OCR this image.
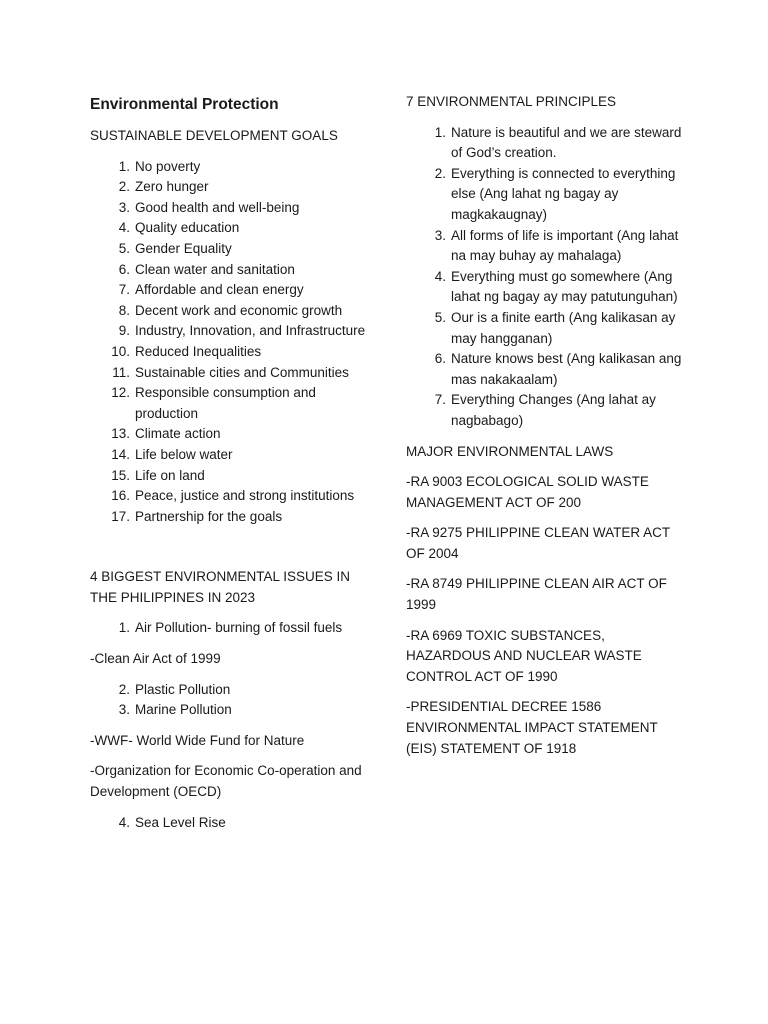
Environmental Protection
SUSTAINABLE DEVELOPMENT GOALS
1. No poverty
2. Zero hunger
3. Good health and well-being
4. Quality education
5. Gender Equality
6. Clean water and sanitation
7. Affordable and clean energy
8. Decent work and economic growth
9. Industry, Innovation, and Infrastructure
10. Reduced Inequalities
11. Sustainable cities and Communities
12. Responsible consumption and production
13. Climate action
14. Life below water
15. Life on land
16. Peace, justice and strong institutions
17. Partnership for the goals
4 BIGGEST ENVIRONMENTAL ISSUES IN THE PHILIPPINES IN 2023
1. Air Pollution- burning of fossil fuels
-Clean Air Act of 1999
2. Plastic Pollution
3. Marine Pollution
-WWF- World Wide Fund for Nature
-Organization for Economic Co-operation and Development (OECD)
4. Sea Level Rise
7 ENVIRONMENTAL PRINCIPLES
1. Nature is beautiful and we are steward of God’s creation.
2. Everything is connected to everything else (Ang lahat ng bagay ay magkakaugnay)
3. All forms of life is important (Ang lahat na may buhay ay mahalaga)
4. Everything must go somewhere (Ang lahat ng bagay ay may patutunguhan)
5. Our is a finite earth (Ang kalikasan ay may hangganan)
6. Nature knows best (Ang kalikasan ang mas nakakaalam)
7. Everything Changes (Ang lahat ay nagbabago)
MAJOR ENVIRONMENTAL LAWS
-RA 9003 ECOLOGICAL SOLID WASTE MANAGEMENT ACT OF 200
-RA 9275 PHILIPPINE CLEAN WATER ACT OF 2004
-RA 8749 PHILIPPINE CLEAN AIR ACT OF 1999
-RA 6969 TOXIC SUBSTANCES, HAZARDOUS AND NUCLEAR WASTE CONTROL ACT OF 1990
-PRESIDENTIAL DECREE 1586 ENVIRONMENTAL IMPACT STATEMENT (EIS) STATEMENT OF 1918
